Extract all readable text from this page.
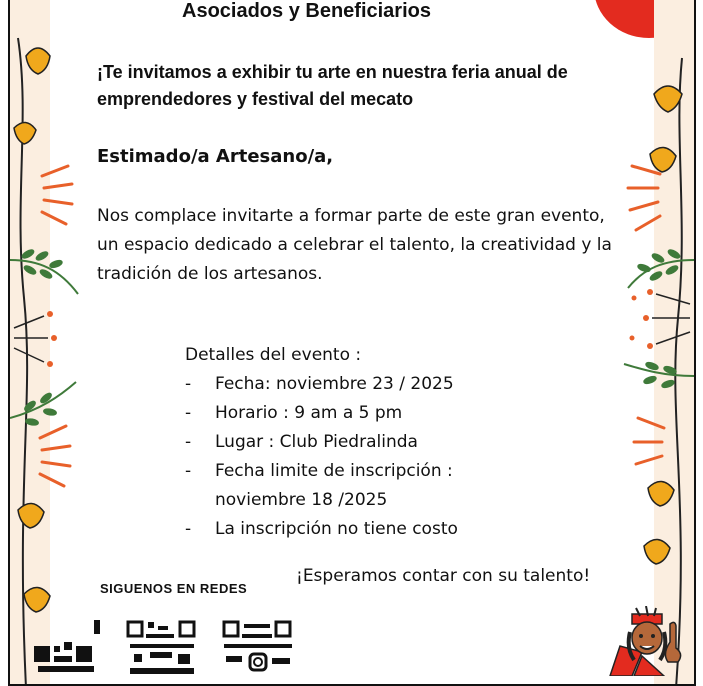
Asociados y Beneficiarios
¡Te invitamos a exhibir tu arte en nuestra feria anual de emprendedores y festival del mecato
Estimado/a Artesano/a,
Nos complace invitarte a formar parte de este gran evento, un espacio dedicado a celebrar el talento, la creatividad y la tradición de los artesanos.
Detalles del evento :
- Fecha: noviembre 23 / 2025
- Horario : 9 am a 5 pm
- Lugar : Club Piedralinda
- Fecha limite de inscripción : noviembre 18 /2025
- La inscripción no tiene costo
¡Esperamos contar con su talento!
SIGUENOS EN REDES
